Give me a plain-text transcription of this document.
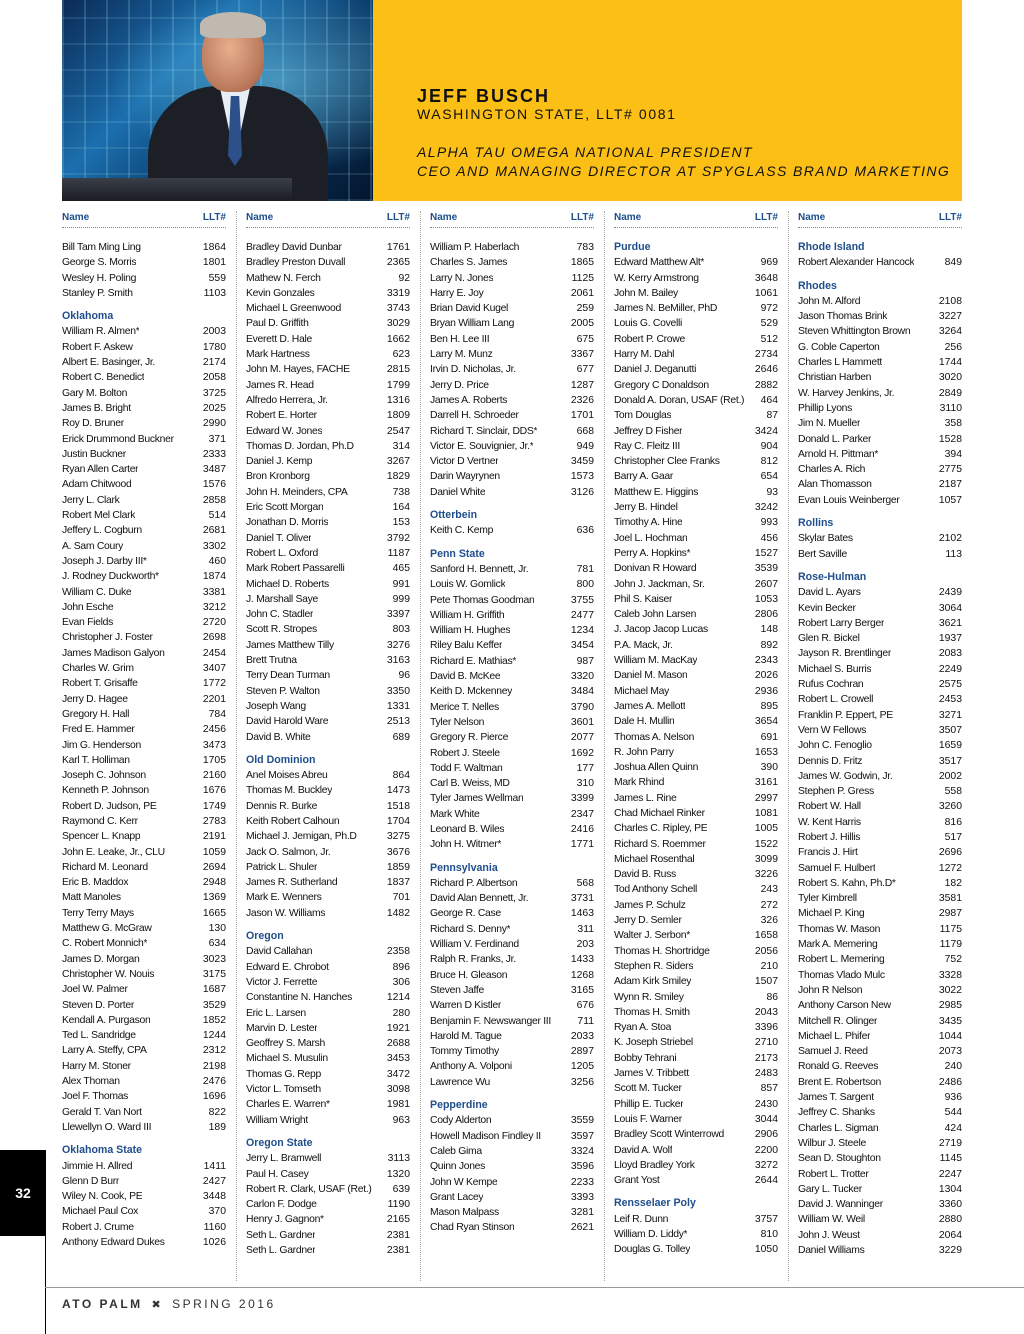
JEFF BUSCH
WASHINGTON STATE, LLT# 0081
ALPHA TAU OMEGA NATIONAL PRESIDENT
CEO AND MANAGING DIRECTOR AT SPYGLASS BRAND MARKETING
Name	LLT#
Bill Tam Ming Ling	1864
George S. Morris	1801
Wesley H. Poling	559
Stanley P. Smith	1103
Oklahoma
William R. Almen*	2003
Robert F. Askew	1780
Albert E. Basinger, Jr.	2174
Robert C. Benedict	2058
Gary M. Bolton	3725
James B. Bright	2025
Roy D. Bruner	2990
Erick Drummond Buckner	371
Justin Buckner	2333
Ryan Allen Carter	3487
Adam Chitwood	1576
Jerry L. Clark	2858
Robert Mel Clark	514
Jeffery L. Cogburn	2681
A. Sam Coury	3302
Joseph J. Darby III*	460
J. Rodney Duckworth*	1874
William C. Duke	3381
John Esche	3212
Evan Fields	2720
Christopher J. Foster	2698
James Madison Galyon	2454
Charles W. Grim	3407
Robert T. Grisaffe	1772
Jerry D. Hagee	2201
Gregory H. Hall	784
Fred E. Hammer	2456
Jim G. Henderson	3473
Karl T. Holliman	1705
Joseph C. Johnson	2160
Kenneth P. Johnson	1676
Robert D. Judson, PE	1749
Raymond C. Kerr	2783
Spencer L. Knapp	2191
John E. Leake, Jr., CLU	1059
Richard M. Leonard	2694
Eric B. Maddox	2948
Matt Manoles	1369
Terry Terry Mays	1665
Matthew G. McGraw	130
C. Robert Monnich*	634
James D. Morgan	3023
Christopher W. Nouis	3175
Joel W. Palmer	1687
Steven D. Porter	3529
Kendall A. Purgason	1852
Ted L. Sandridge	1244
Larry A. Steffy, CPA	2312
Harry M. Stoner	2198
Alex Thoman	2476
Joel F. Thomas	1696
Gerald T. Van Nort	822
Llewellyn O. Ward III	189
Oklahoma State
Jimmie H. Allred	1411
Glenn D Burr	2427
Wiley N. Cook, PE	3448
Michael Paul Cox	370
Robert J. Crume	1160
Anthony Edward Dukes	1026
Name	LLT#
Bradley David Dunbar	1761
Bradley Preston Duvall	2365
Mathew N. Ferch	92
Kevin Gonzales	3319
Michael L Greenwood	3743
Paul D. Griffith	3029
Everett D. Hale	1662
Mark Hartness	623
John M. Hayes, FACHE	2815
James R. Head	1799
Alfredo Herrera, Jr.	1316
Robert E. Horter	1809
Edward W. Jones	2547
Thomas D. Jordan, Ph.D	314
Daniel J. Kemp	3267
Bron Kronborg	1829
John H. Meinders, CPA	738
Eric Scott Morgan	164
Jonathan D. Morris	153
Daniel T. Oliver	3792
Robert L. Oxford	1187
Mark Robert Passarelli	465
Michael D. Roberts	991
J. Marshall Saye	999
John C. Stadler	3397
Scott R. Stropes	803
James Matthew Tilly	3276
Brett Trutna	3163
Terry Dean Turman	96
Steven P. Walton	3350
Joseph Wang	1331
David Harold Ware	2513
David B. White	689
Old Dominion
Anel Moises Abreu	864
Thomas M. Buckley	1473
Dennis R. Burke	1518
Keith Robert Calhoun	1704
Michael J. Jemigan, Ph.D	3275
Jack O. Salmon, Jr.	3676
Patrick L. Shuler	1859
James R. Sutherland	1837
Mark E. Wenners	701
Jason W. Williams	1482
Oregon
David Callahan	2358
Edward E. Chrobot	896
Victor J. Ferrette	306
Constantine N. Hanches	1214
Eric L. Larsen	280
Marvin D. Lester	1921
Geoffrey S. Marsh	2688
Michael S. Musulin	3453
Thomas G. Repp	3472
Victor L. Tomseth	3098
Charles E. Warren*	1981
William Wright	963
Oregon State
Jerry L. Bramwell	3113
Paul H. Casey	1320
Robert R. Clark, USAF (Ret.) 639
Carlon F. Dodge	1190
Henry J. Gagnon*	2165
Seth L. Gardner	2381
Seth L. Gardner	2381
Name	LLT#
William P. Haberlach	783
Charles S. James	1865
Larry N. Jones	1125
Harry E. Joy	2061
Brian David Kugel	259
Bryan William Lang	2005
Ben H. Lee III	675
Larry M. Munz	3367
Irvin D. Nicholas, Jr.	677
Jerry D. Price	1287
James A. Roberts	2326
Darrell H. Schroeder	1701
Richard T. Sinclair, DDS*	668
Victor E. Souvignier, Jr.*	949
Victor D Vertner	3459
Darin Wayrynen	1573
Daniel White	3126
Otterbein
Keith C. Kemp	636
Penn State
Sanford H. Bennett, Jr.	781
Louis W. Gomlick	800
Pete Thomas Goodman	3755
William H. Griffith	2477
William H. Hughes	1234
Riley Balu Keffer	3454
Richard E. Mathias*	987
David B. McKee	3320
Keith D. Mckenney	3484
Merice T. Nelles	3790
Tyler Nelson	3601
Gregory R. Pierce	2077
Robert J. Steele	1692
Todd F. Waltman	177
Carl B. Weiss, MD	310
Tyler James Wellman	3399
Mark White	2347
Leonard B. Wiles	2416
John H. Witmer*	1771
Pennsylvania
Richard P. Albertson	568
David Alan Bennett, Jr.	3731
George R. Case	1463
Richard S. Denny*	311
William V. Ferdinand	203
Ralph R. Franks, Jr.	1433
Bruce H. Gleason	1268
Steven Jaffe	3165
Warren D Kistler	676
Benjamin F. Newswanger III	711
Harold M. Tague	2033
Tommy Timothy	2897
Anthony A. Volponi	1205
Lawrence Wu	3256
Pepperdine
Cody Alderton	3559
Howell Madison Findley II	3597
Caleb Gima	3324
Quinn Jones	3596
John W Kempe	2233
Grant Lacey	3393
Mason Malpass	3281
Chad Ryan Stinson	2621
Name	LLT#
Purdue
Edward Matthew Alt*	969
W. Kerry Armstrong	3648
John M. Bailey	1061
James N. BeMiller, PhD	972
Louis G. Covelli	529
Robert P. Crowe	512
Harry M. Dahl	2734
Daniel J. Deganutti	2646
Gregory C Donaldson	2882
Donald A. Doran, USAF (Ret.) 464
Tom Douglas	87
Jeffrey D Fisher	3424
Ray C. Fleitz III	904
Christopher Clee Franks	812
Barry A. Gaar	654
Matthew E. Higgins	93
Jerry B. Hindel	3242
Timothy A. Hine	993
Joel L. Hochman	456
Perry A. Hopkins*	1527
Donivan R Howard	3539
John J. Jackman, Sr.	2607
Phil S. Kaiser	1053
Caleb John Larsen	2806
J. Jacop Jacop Lucas	148
P.A. Mack, Jr.	892
William M. MacKay	2343
Daniel M. Mason	2026
Michael May	2936
James A. Mellott	895
Dale H. Mullin	3654
Thomas A. Nelson	691
R. John Parry	1653
Joshua Allen Quinn	390
Mark Rhind	3161
James L. Rine	2997
Chad Michael Rinker	1081
Charles C. Ripley, PE	1005
Richard S. Roemmer	1522
Michael Rosenthal	3099
David B. Russ	3226
Tod Anthony Schell	243
James P. Schulz	272
Jerry D. Semler	326
Walter J. Serbon*	1658
Thomas H. Shortridge	2056
Stephen R. Siders	210
Adam Kirk Smiley	1507
Wynn R. Smiley	86
Thomas H. Smith	2043
Ryan A. Stoa	3396
K. Joseph Striebel	2710
Bobby Tehrani	2173
James V. Tribbett	2483
Scott M. Tucker	857
Phillip E. Tucker	2430
Louis F. Warner	3044
Bradley Scott Winterrowd	2906
David A. Wolf	2200
Lloyd Bradley York	3272
Grant Yost	2644
Rensselaer Poly
Leif R. Dunn	3757
William D. Liddy*	810
Douglas G. Tolley	1050
Name	LLT#
Rhode Island
Robert Alexander Hancock	849
Rhodes
John M. Alford	2108
Jason Thomas Brink	3227
Steven Whittington Brown	3264
G. Coble Caperton	256
Charles L Hammett	1744
Christian Harben	3020
W. Harvey Jenkins, Jr.	2849
Phillip Lyons	3110
Jim N. Mueller	358
Donald L. Parker	1528
Arnold H. Pittman*	394
Charles A. Rich	2775
Alan Thomasson	2187
Evan Louis Weinberger	1057
Rollins
Skylar Bates	2102
Bert Saville	113
Rose-Hulman
David L. Ayars	2439
Kevin Becker	3064
Robert Larry Berger	3621
Glen R. Bickel	1937
Jayson R. Brentlinger	2083
Michael S. Burris	2249
Rufus Cochran	2575
Robert L. Crowell	2453
Franklin P. Eppert, PE	3271
Vern W Fellows	3507
John C. Fenoglio	1659
Dennis D. Fritz	3517
James W. Godwin, Jr.	2002
Stephen P. Gress	558
Robert W. Hall	3260
W. Kent Harris	816
Robert J. Hillis	517
Francis J. Hirt	2696
Samuel F. Hulbert	1272
Robert S. Kahn, Ph.D*	182
Tyler Kimbrell	3581
Michael P. King	2987
Thomas W. Mason	1175
Mark A. Memering	1179
Robert L. Memering	752
Thomas Vlado Mulc	3328
John R Nelson	3022
Anthony Carson New	2985
Mitchell R. Olinger	3435
Michael L. Phifer	1044
Samuel J. Reed	2073
Ronald G. Reeves	240
Brent E. Robertson	2486
James T. Sargent	936
Jeffrey C. Shanks	544
Charles L. Sigman	424
Wilbur J. Steele	2719
Sean D. Stoughton	1145
Robert L. Trotter	2247
Gary L. Tucker	1304
David J. Wanninger	3360
William W. Weil	2880
John J. Weust	2064
Daniel Williams	3229
32
ATO PALM ✖ SPRING 2016
